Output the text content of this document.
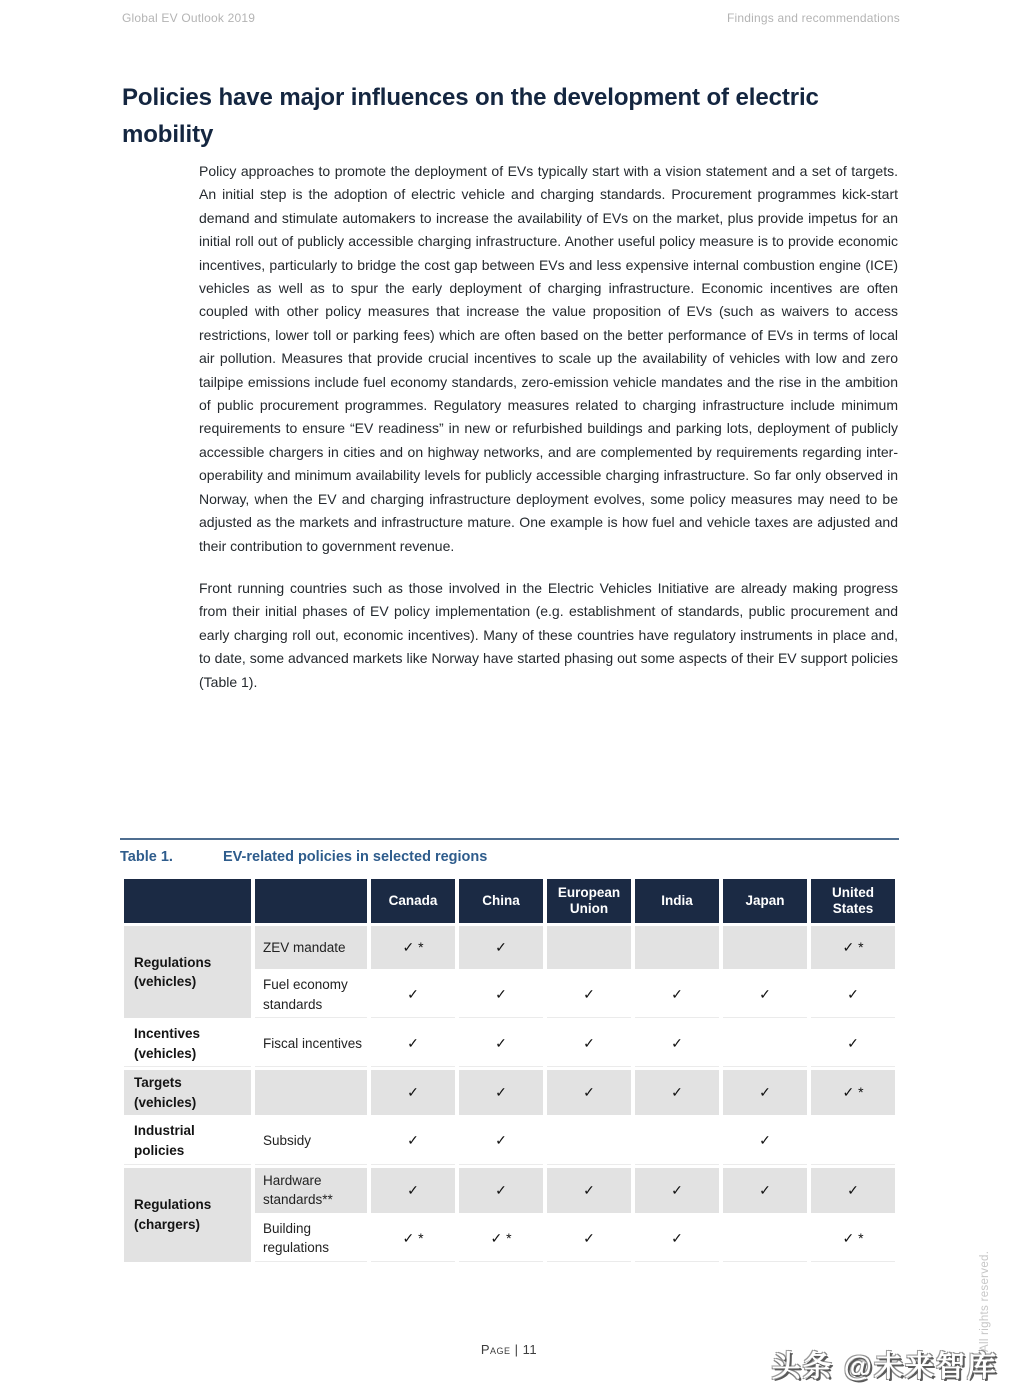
Global EV Outlook 2019	Findings and recommendations
Policies have major influences on the development of electric mobility

Policy approaches to promote the deployment of EVs typically start with a vision statement and a set of targets. An initial step is the adoption of electric vehicle and charging standards. Procurement programmes kick-start demand and stimulate automakers to increase the availability of EVs on the market, plus provide impetus for an initial roll out of publicly accessible charging infrastructure. Another useful policy measure is to provide economic incentives, particularly to bridge the cost gap between EVs and less expensive internal combustion engine (ICE) vehicles as well as to spur the early deployment of charging infrastructure. Economic incentives are often coupled with other policy measures that increase the value proposition of EVs (such as waivers to access restrictions, lower toll or parking fees) which are often based on the better performance of EVs in terms of local air pollution. Measures that provide crucial incentives to scale up the availability of vehicles with low and zero tailpipe emissions include fuel economy standards, zero-emission vehicle mandates and the rise in the ambition of public procurement programmes. Regulatory measures related to charging infrastructure include minimum requirements to ensure “EV readiness” in new or refurbished buildings and parking lots, deployment of publicly accessible chargers in cities and on highway networks, and are complemented by requirements regarding inter-operability and minimum availability levels for publicly accessible charging infrastructure. So far only observed in Norway, when the EV and charging infrastructure deployment evolves, some policy measures may need to be adjusted as the markets and infrastructure mature. One example is how fuel and vehicle taxes are adjusted and their contribution to government revenue.

Front running countries such as those involved in the Electric Vehicles Initiative are already making progress from their initial phases of EV policy implementation (e.g. establishment of standards, public procurement and early charging roll out, economic incentives). Many of these countries have regulatory instruments in place and, to date, some advanced markets like Norway have started phasing out some aspects of their EV support policies (Table 1).

Table 1.	EV-related policies in selected regions
		Canada	China	European Union	India	Japan	United States
Regulations (vehicles)	ZEV mandate	✓ *	✓				✓ *
	Fuel economy standards	✓	✓	✓	✓	✓	✓
Incentives (vehicles)	Fiscal incentives	✓	✓	✓	✓		✓
Targets (vehicles)		✓	✓	✓	✓	✓	✓ *
Industrial policies	Subsidy	✓	✓			✓	
Regulations (chargers)	Hardware standards**	✓	✓	✓	✓	✓	✓
	Building regulations	✓ *	✓ *	✓	✓		✓ *
Page | 11	All rights reserved.
头条 @未来智库
